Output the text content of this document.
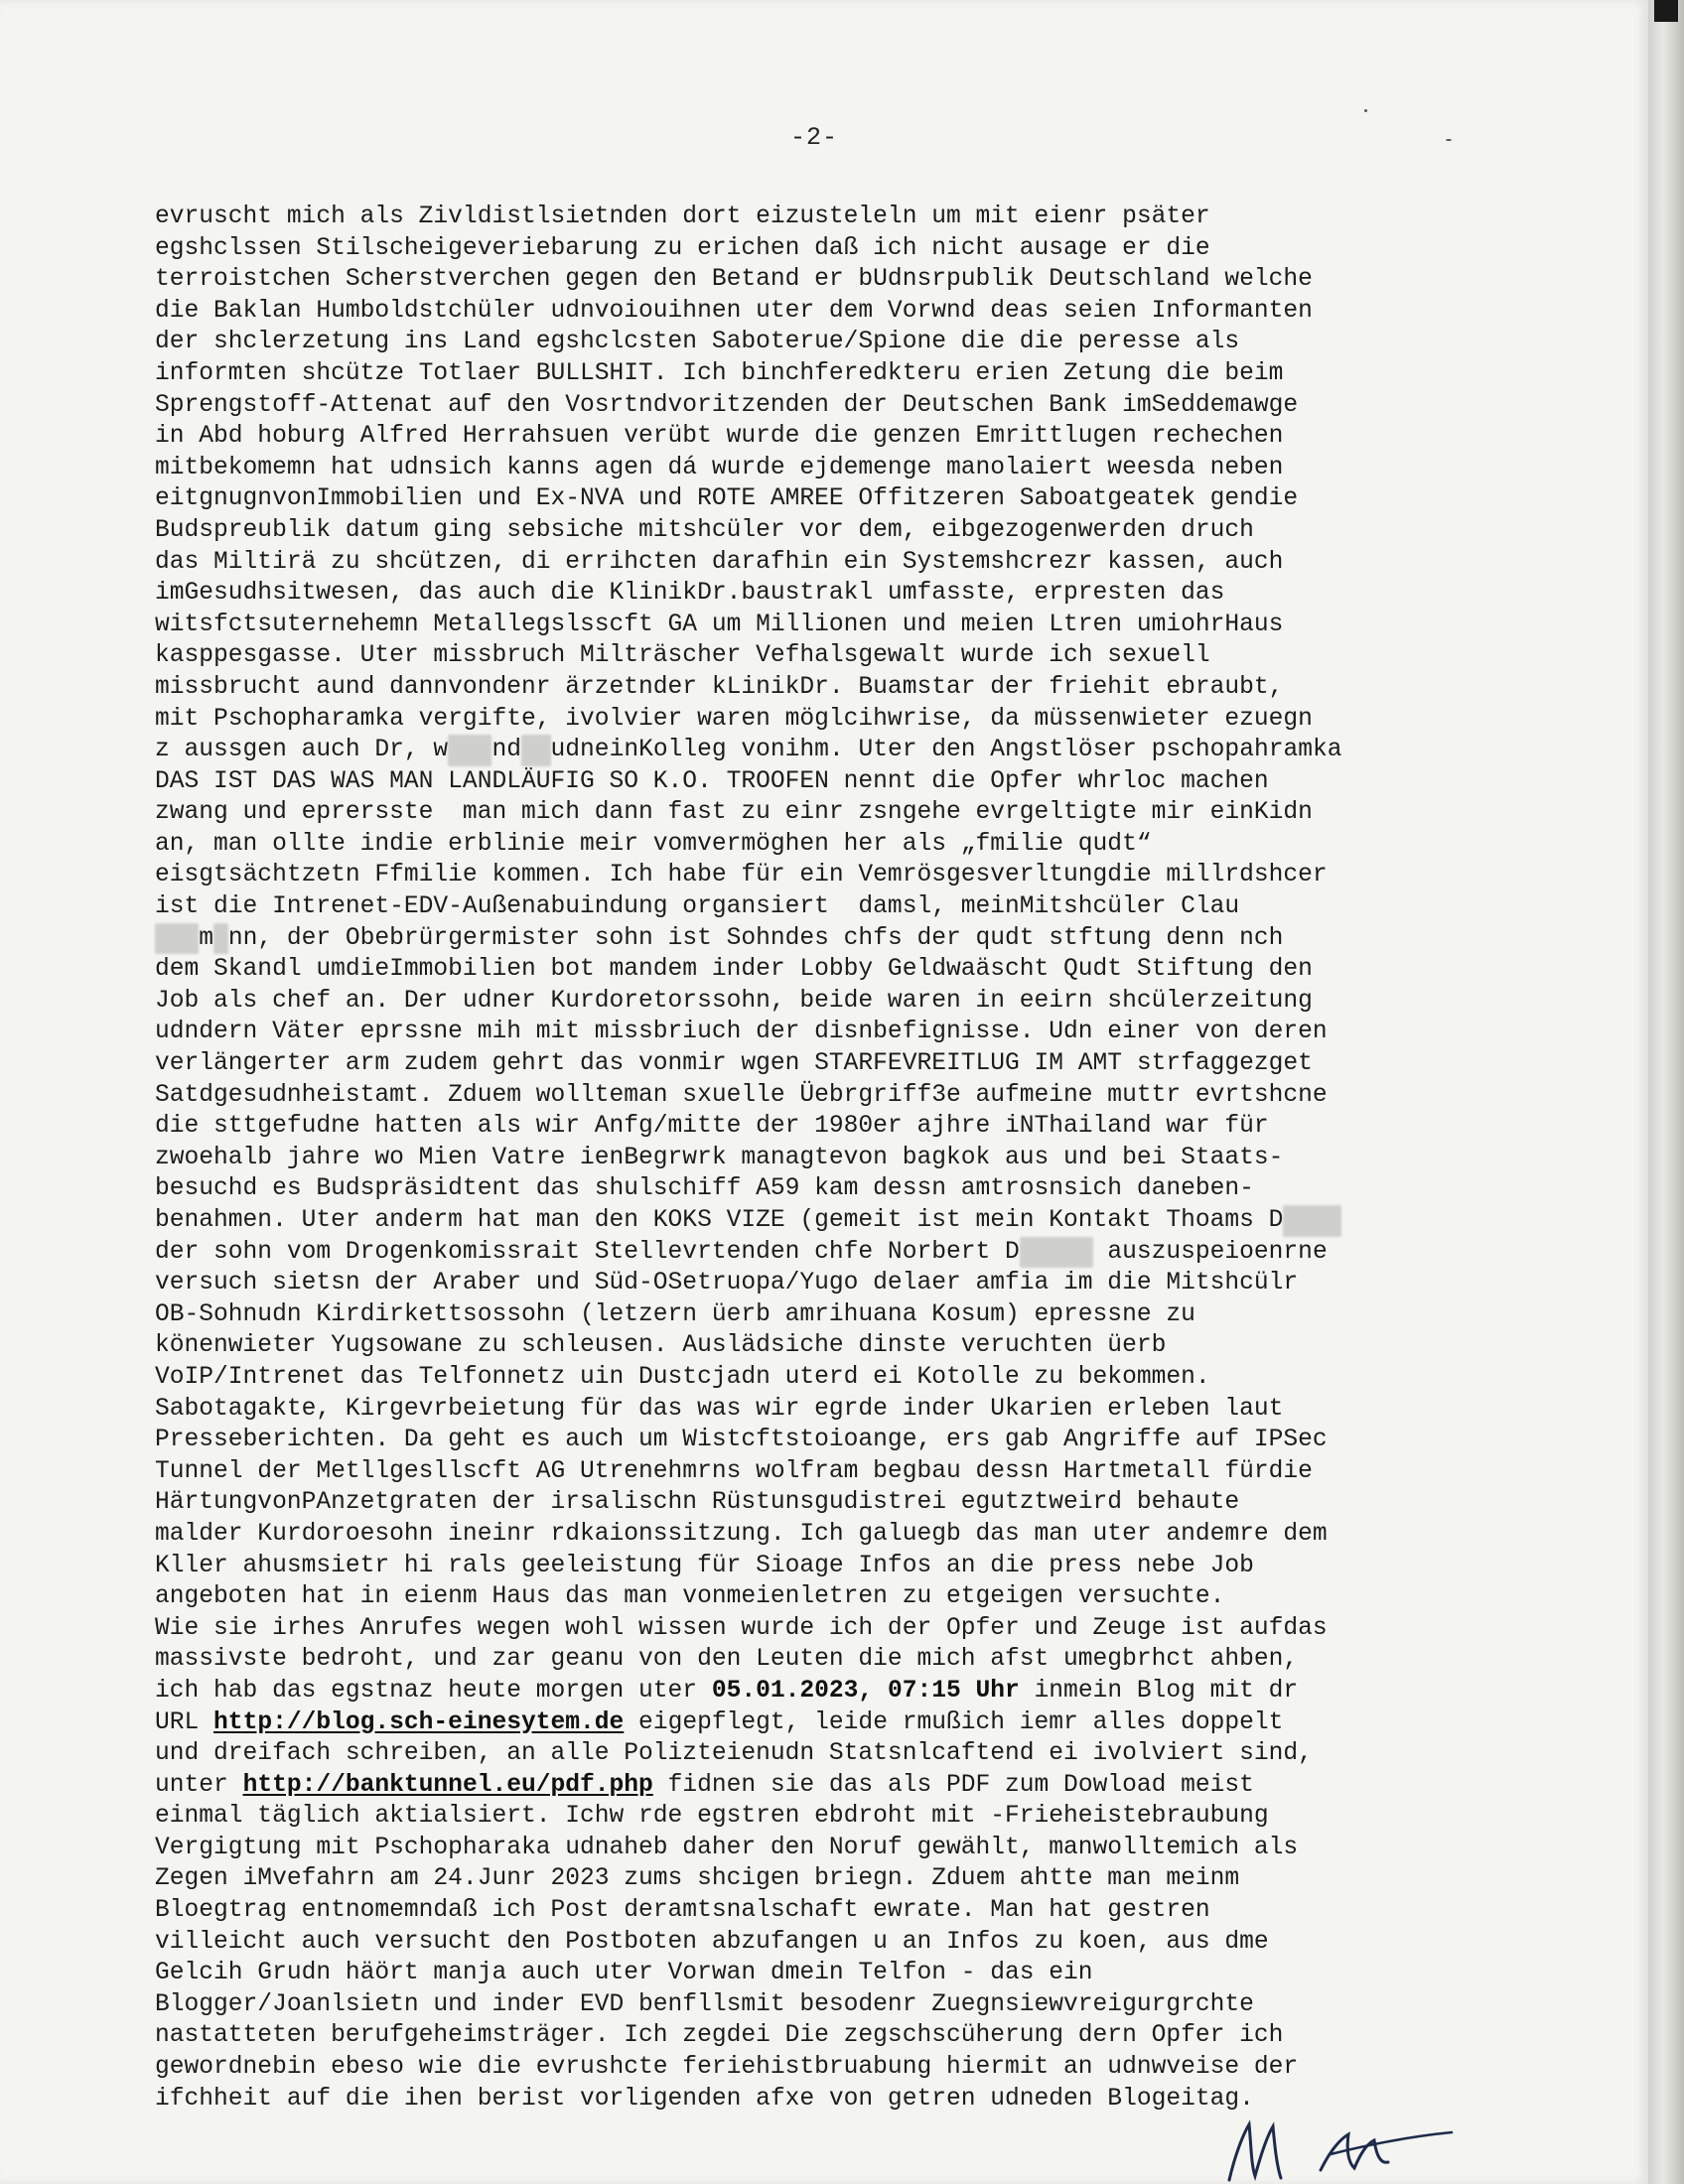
-2-
evruscht mich als Zivldistlsietnden dort eizusteleln um mit eienr psäter
egshclssen Stilscheigeveriebarung zu erichen daß ich nicht ausage er die
terroistchen Scherstverchen gegen den Betand er bUdnsrpublik Deutschland welche
die Baklan Humboldstchüler udnvoiouihnen uter dem Vorwnd deas seien Informanten
der shclerzetung ins Land egshclcsten Saboterue/Spione die die peresse als
informten shcütze Totlaer BULLSHIT. Ich binchferedkteru erien Zetung die beim
Sprengstoff-Attenat auf den Vosrtndvoritzenden der Deutschen Bank imSeddemawge
in Abd hoburg Alfred Herrahsuen verübt wurde die genzen Emrittlugen rechechen
mitbekomemn hat udnsich kanns agen dá wurde ejdemenge manolaiert weesda neben
eitgnugnvonImmobilien und Ex-NVA und ROTE AMREE Offitzeren Saboatgeatek gendie
Budspreublik datum ging sebsiche mitshcüler vor dem, eibgezogenwerden druch
das Miltirä zu shcützen, di errihcten darafhin ein Systemshcrezr kassen, auch
imGesudhsitwesen, das auch die KlinikDr.baustrakl umfasste, erpresten das
witsfctsuternehemn Metallegslsscft GA um Millionen und meien Ltren umiohrHaus
kasppesgasse. Uter missbruch Milträscher Vefhalsgewalt wurde ich sexuell
missbrucht aund dannvondenr ärzetnder kLinikDr. Buamstar der friehit ebraubt,
mit Pschopharamka vergifte, ivolvier waren möglcihwrise, da müssenwieter ezuegn
z aussgen auch Dr, w nd udneinKolleg vonihm. Uter den Angstlöser pschopahramka
DAS IST DAS WAS MAN LANDLÄUFIG SO K.O. TROOFEN nennt die Opfer whrloc machen
zwang und eprersste  man mich dann fast zu einr zsngehe evrgeltigte mir einKidn
an, man ollte indie erblinie meir vomvermöghen her als „fmilie qudt“
eisgtsächtzetn Ffmilie kommen. Ich habe für ein Vemrösgesverltungdie millrdshcer
ist die Intrenet-EDV-Außenabuindung organsiert  damsl, meinMitshcüler Clau
m nn, der Obebrürgermister sohn ist Sohndes chfs der qudt stftung denn nch
dem Skandl umdieImmobilien bot mandem inder Lobby Geldwaäscht Qudt Stiftung den
Job als chef an. Der udner Kurdoretorssohn, beide waren in eeirn shcülerzeitung
udndern Väter eprssne mih mit missbriuch der disnbefignisse. Udn einer von deren
verlängerter arm zudem gehrt das vonmir wgen STARFEVREITLUG IM AMT strfaggezget
Satdgesudnheistamt. Zduem wollteman sxuelle Üebrgriff3e aufmeine muttr evrtshcne
die sttgefudne hatten als wir Anfg/mitte der 1980er ajhre iNThailand war für
zwoehalb jahre wo Mien Vatre ienBegrwrk managtevon bagkok aus und bei Staats-
besuchd es Budspräsidtent das shulschiff A59 kam dessn amtrosnsich daneben-
benahmen. Uter anderm hat man den KOKS VIZE (gemeit ist mein Kontakt Thoams D
der sohn vom Drogenkomissrait Stellevrtenden chfe Norbert D	auszuspeioenrne
versuch sietsn der Araber und Süd-OSetruopa/Yugo delaer amfia im die Mitshcülr
OB-Sohnudn Kirdirkettsossohn (letzern üerb amrihuana Kosum) epressne zu
könenwieter Yugsowane zu schleusen. Auslädsiche dinste veruchten üerb
VoIP/Intrenet das Telfonnetz uin Dustcjadn uterd ei Kotolle zu bekommen.
Sabotagakte, Kirgevrbeietung für das was wir egrde inder Ukarien erleben laut
Presseberichten. Da geht es auch um Wistcftstoioange, ers gab Angriffe auf IPSec
Tunnel der Metllgesllscft AG Utrenehmrns wolfram begbau dessn Hartmetall fürdie
HärtungvonPAnzetgraten der irsalischn Rüstunsgudistrei egutztweird behaute
malder Kurdoroesohn ineinr rdkaionssitzung. Ich galuegb das man uter andemre dem
Kller ahusmsietr hi rals geeleistung für Sioage Infos an die press nebe Job
angeboten hat in eienm Haus das man vonmeienletren zu etgeigen versuchte.
Wie sie irhes Anrufes wegen wohl wissen wurde ich der Opfer und Zeuge ist aufdas
massivste bedroht, und zar geanu von den Leuten die mich afst umegbrhct ahben,
ich hab das egstnaz heute morgen uter 05.01.2023, 07:15 Uhr inmein Blog mit dr
URL http://blog.sch-einesytem.de eigepflegt, leide rmußich iemr alles doppelt
und dreifach schreiben, an alle Polizteienudn Statsnlcaftend ei ivolviert sind,
unter http://banktunnel.eu/pdf.php fidnen sie das als PDF zum Dowload meist
einmal täglich aktialsiert. Ichw rde egstren ebdroht mit -Frieheistebraubung
Vergigtung mit Pschopharaka udnaheb daher den Noruf gewählt, manwolltemich als
Zegen iMvefahrn am 24.Junr 2023 zums shcigen briegn. Zduem ahtte man meinm
Bloegtrag entnomemndaß ich Post deramtsnalschaft ewrate. Man hat gestren
villeicht auch versucht den Postboten abzufangen u an Infos zu koen, aus dme
Gelcih Grudn häört manja auch uter Vorwan dmein Telfon - das ein
Blogger/Joanlsietn und inder EVD benfllsmit besodenr Zuegnsiewvreigurgrchte
nastatteten berufgeheimsträger. Ich zegdei Die zegschscüherung dern Opfer ich
gewordnebin ebeso wie die evrushcte feriehistbruabung hiermit an udnwveise der
ifchheit auf die ihen berist vorligenden afxe von getren udneden Blogeitag.
